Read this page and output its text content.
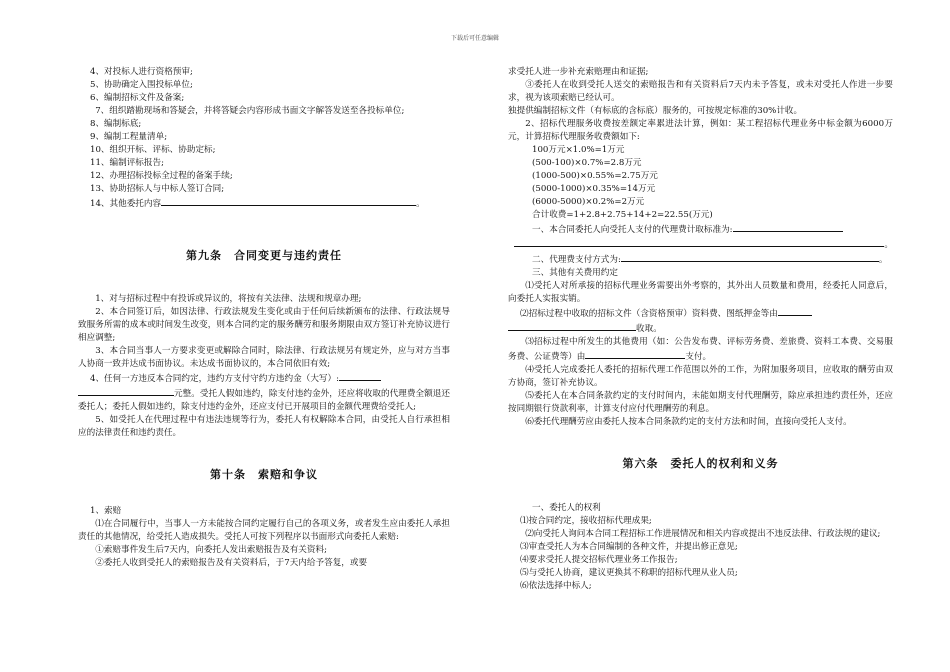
下载后可任意编辑
4、对投标人进行资格预审;
5、协助确定入围投标单位;
6、编制招标文件及备案;
7、组织踏勘现场和答疑会，并将答疑会内容形成书面文字解答发送至各投标单位;
8、编制标底;
9、编制工程量清单;
10、组织开标、评标、协助定标;
11、编制评标报告;
12、办理招标投标全过程的备案手续;
13、协助招标人与中标人签订合同;
14、其他委托内容	。
第九条　合同变更与违约责任
1、对与招标过程中有投诉或异议的，将按有关法律、法规和规章办理;
2、本合同签订后，如因法律、行政法规发生变化或由于任何后续新颁布的法律、行政法规导致服务所需的成本或时间发生改变，则本合同约定的服务酬劳和服务期限由双方签订补充协议进行相应调整;
3、本合同当事人一方要求变更或解除合同时，除法律、行政法规另有规定外，应与对方当事人协商一致并达成书面协议。未达成书面协议的，本合同依旧有效;
4、任何一方违反本合同约定，违约方支付守约方违约金（大写）:
元整。受托人假如违约，除支付违约金外，还应将收取的代理费全额退还委托人；委托人假如违约，除支付违约金外，还应支付已开展项目的金额代理费给受托人;
5、如受托人在代理过程中有违法违规等行为，委托人有权解除本合同，由受托人自行承担相应的法律责任和违约责任。
第十条　索赔和争议
1、索赔
⑴在合同履行中，当事人一方未能按合同约定履行自己的各项义务，或者发生应由委托人承担责任的其他情况，给受托人造成损失。受托人可按下列程序以书面形式向委托人索赔:
①索赔事件发生后7天内，向委托人发出索赔报告及有关资料;
②委托人收到受托人的索赔报告及有关资料后，于7天内给予答复，或要
求受托人进一步补充索赔理由和证据;
③委托人在收到受托人送交的索赔报告和有关资料后7天内未予答复，或未对受托人作进一步要求，视为该项索赔已经认可。
独提供编制招标文件（有标底的含标底）服务的，可按规定标准的30%计收。
2、招标代理服务收费按差额定率累进法计算，例如：某工程招标代理业务中标金额为6000万元，计算招标代理服务收费额如下:
100万元×1.0%=1万元
(500-100)×0.7%=2.8万元
(1000-500)×0.55%=2.75万元
(5000-1000)×0.35%=14万元
(6000-5000)×0.2%=2万元
合计收费=1+2.8+2.75+14+2=22.55(万元)
一、本合同委托人向受托人支付的代理费计取标准为:
。
二、代理费支付方式为:	。
三、其他有关费用约定
⑴受托人对所承接的招标代理业务需要出外考察的，其外出人员数量和费用，经委托人同意后，向委托人实报实销。
⑵招标过程中收取的招标文件（含资格预审）资料费、图纸押金等由
收取。
⑶招标过程中所发生的其他费用（如：公告发布费、评标劳务费、差旅费、资料工本费、交易服务费、公证费等）由	支付。
⑷受托人完成委托人委托的招标代理工作范围以外的工作，为附加服务项目，应收取的酬劳由双方协商，签订补充协议。
⑸委托人在本合同条款约定的支付时间内，未能如期支付代理酬劳，除应承担违约责任外，还应按同期银行贷款利率，计算支付应付代理酬劳的利息。
⑹委托代理酬劳应由委托人按本合同条款约定的支付方法和时间，直接向受托人支付。
第六条　委托人的权利和义务
一、委托人的权利
⑴按合同约定，接收招标代理成果;
⑵向受托人询问本合同工程招标工作进展情况和相关内容或提出不违反法律、行政法规的建议;
⑶审查受托人为本合同编制的各种文件，并提出修正意见;
⑷要求受托人提交招标代理业务工作报告;
⑸与受托人协商，建议更换其不称职的招标代理从业人员;
⑹依法选择中标人;
